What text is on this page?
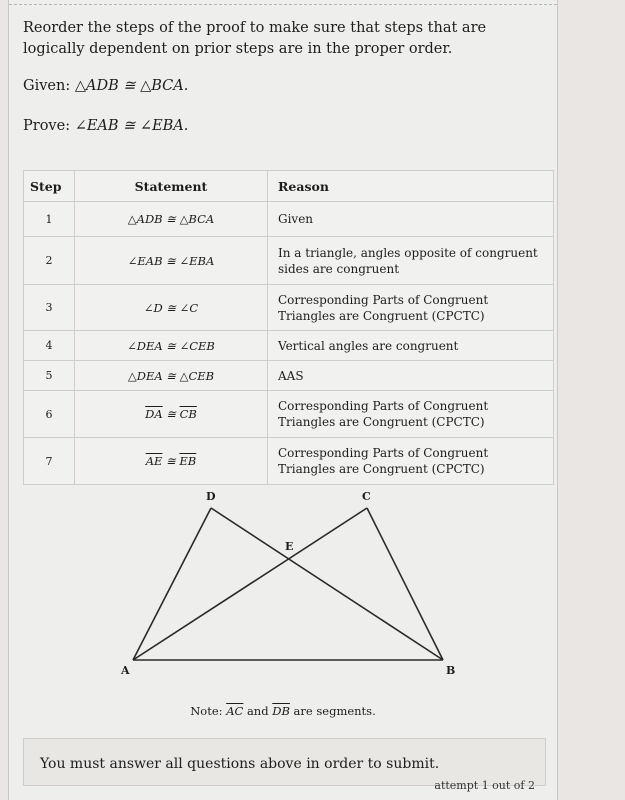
Reorder the steps of the proof to make sure that steps that are logically dependent on prior steps are in the proper order.
Given: △ADB ≅ △BCA.
Prove: ∠EAB ≅ ∠EBA.
Step	Statement	Reason
1	△ADB ≅ △BCA	Given
2	∠EAB ≅ ∠EBA	In a triangle, angles opposite of congruent sides are congruent
3	∠D ≅ ∠C	Corresponding Parts of Congruent Triangles are Congruent (CPCTC)
4	∠DEA ≅ ∠CEB	Vertical angles are congruent
5	△DEA ≅ △CEB	AAS
6	$\overline{DA}$ ≅ $\overline{CB}$	Corresponding Parts of Congruent Triangles are Congruent (CPCTC)
7	$\overline{AE}$ ≅ $\overline{EB}$	Corresponding Parts of Congruent Triangles are Congruent (CPCTC)
D	C
E
A	B
Note: $\overline{AC}$ and $\overline{DB}$ are segments.
You must answer all questions above in order to submit.
attempt 1 out of 2
